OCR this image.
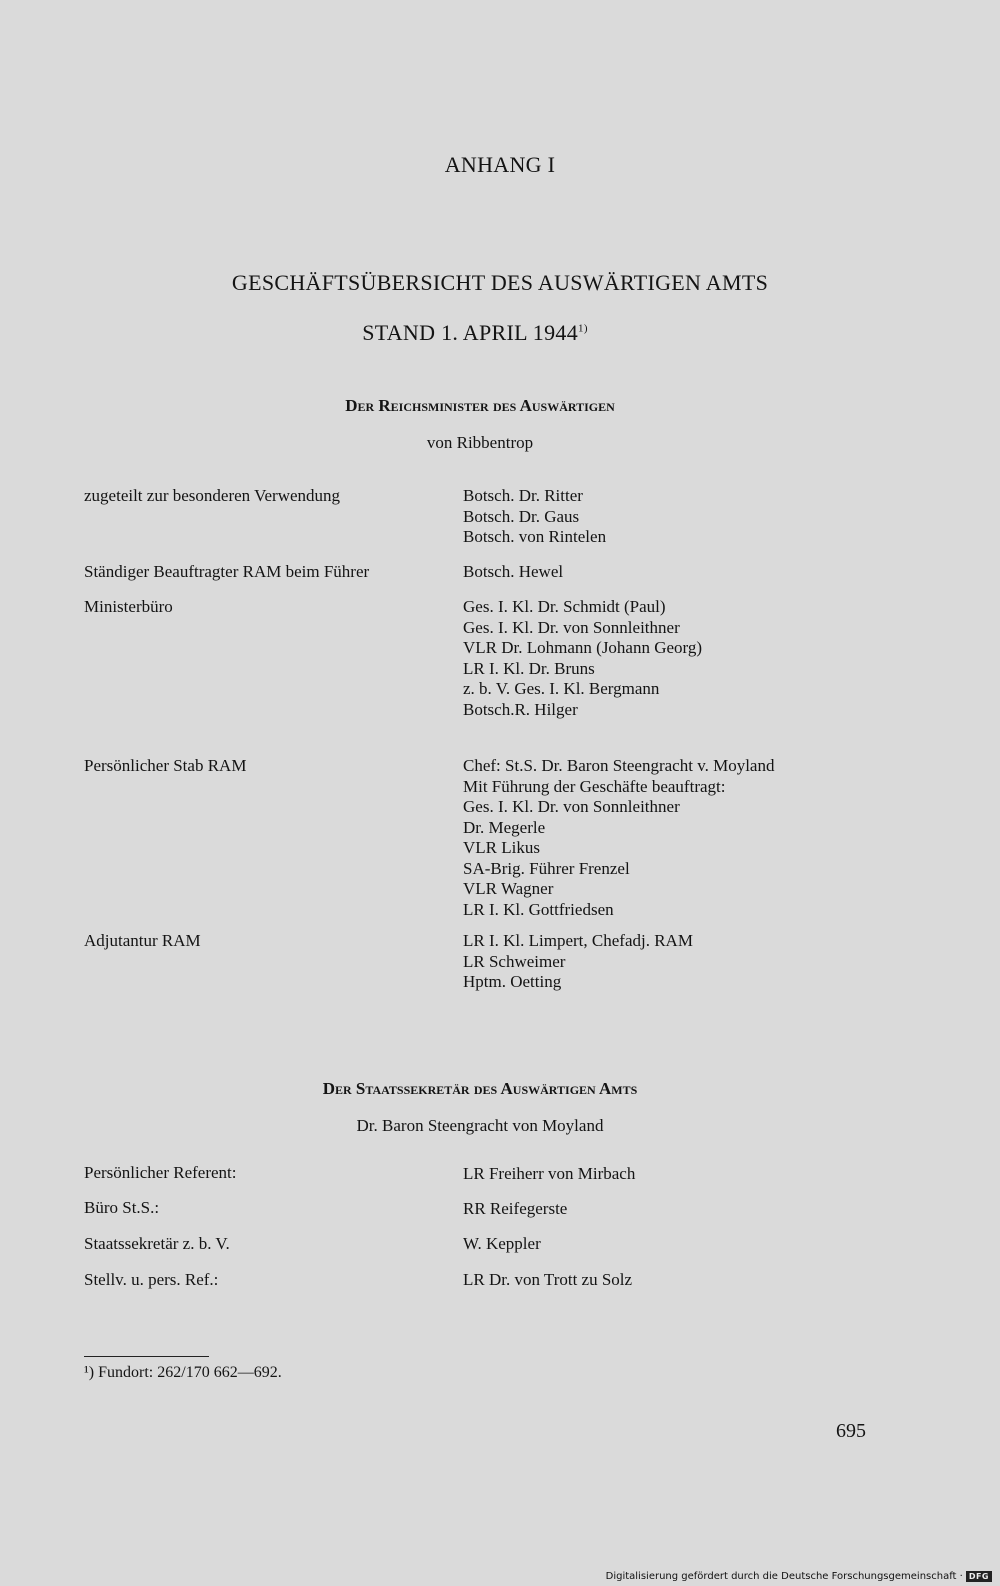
ANHANG I
GESCHÄFTSÜBERSICHT DES AUSWÄRTIGEN AMTS
STAND 1. APRIL 1944$^{1)}$
Der Reichsminister des Auswärtigen
von Ribbentrop
zugeteilt zur besonderen Verwendung	Botsch. Dr. Ritter
Botsch. Dr. Gaus
Botsch. von Rintelen
Ständiger Beauftragter RAM beim Führer	Botsch. Hewel
Ministerbüro	Ges. I. Kl. Dr. Schmidt (Paul)
Ges. I. Kl. Dr. von Sonnleithner
VLR Dr. Lohmann (Johann Georg)
LR I. Kl. Dr. Bruns
z. b. V. Ges. I. Kl. Bergmann
Botsch.R. Hilger
Persönlicher Stab RAM	Chef: St.S. Dr. Baron Steengracht v. Moyland
Mit Führung der Geschäfte beauftragt:
Ges. I. Kl. Dr. von Sonnleithner
Dr. Megerle
VLR Likus
SA-Brig. Führer Frenzel
VLR Wagner
LR I. Kl. Gottfriedsen
Adjutantur RAM	LR I. Kl. Limpert, Chefadj. RAM
LR Schweimer
Hptm. Oetting
Der Staatssekretär des Auswärtigen Amts
Dr. Baron Steengracht von Moyland
Persönlicher Referent:	LR Freiherr von Mirbach
Büro St.S.:	RR Reifegerste
Staatssekretär z. b. V.	W. Keppler
Stellv. u. pers. Ref.:	LR Dr. von Trott zu Solz
¹) Fundort: 262/170 662—692.
695
Digitalisierung gefördert durch die Deutsche Forschungsgemeinschaft · DFG
